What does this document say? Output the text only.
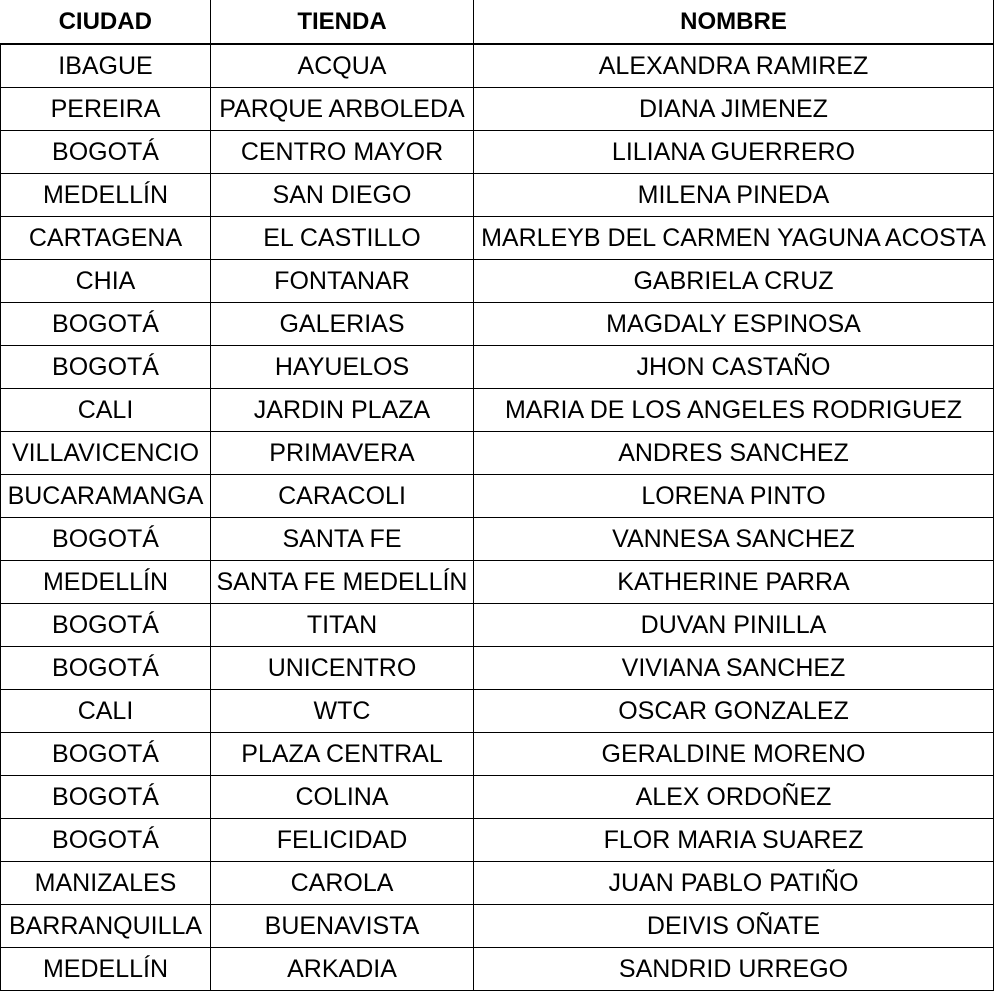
CIUDAD	TIENDA	NOMBRE
IBAGUE	ACQUA	ALEXANDRA RAMIREZ
PEREIRA	PARQUE ARBOLEDA	DIANA JIMENEZ
BOGOTÁ	CENTRO MAYOR	LILIANA GUERRERO
MEDELLÍN	SAN DIEGO	MILENA PINEDA
CARTAGENA	EL CASTILLO	MARLEYB DEL CARMEN YAGUNA ACOSTA
CHIA	FONTANAR	GABRIELA CRUZ
BOGOTÁ	GALERIAS	MAGDALY ESPINOSA
BOGOTÁ	HAYUELOS	JHON CASTAÑO
CALI	JARDIN PLAZA	MARIA DE LOS ANGELES RODRIGUEZ
VILLAVICENCIO	PRIMAVERA	ANDRES SANCHEZ
BUCARAMANGA	CARACOLI	LORENA PINTO
BOGOTÁ	SANTA FE	VANNESA SANCHEZ
MEDELLÍN	SANTA FE MEDELLÍN	KATHERINE PARRA
BOGOTÁ	TITAN	DUVAN PINILLA
BOGOTÁ	UNICENTRO	VIVIANA SANCHEZ
CALI	WTC	OSCAR GONZALEZ
BOGOTÁ	PLAZA CENTRAL	GERALDINE MORENO
BOGOTÁ	COLINA	ALEX ORDOÑEZ
BOGOTÁ	FELICIDAD	FLOR MARIA SUAREZ
MANIZALES	CAROLA	JUAN PABLO PATIÑO
BARRANQUILLA	BUENAVISTA	DEIVIS OÑATE
MEDELLÍN	ARKADIA	SANDRID URREGO
